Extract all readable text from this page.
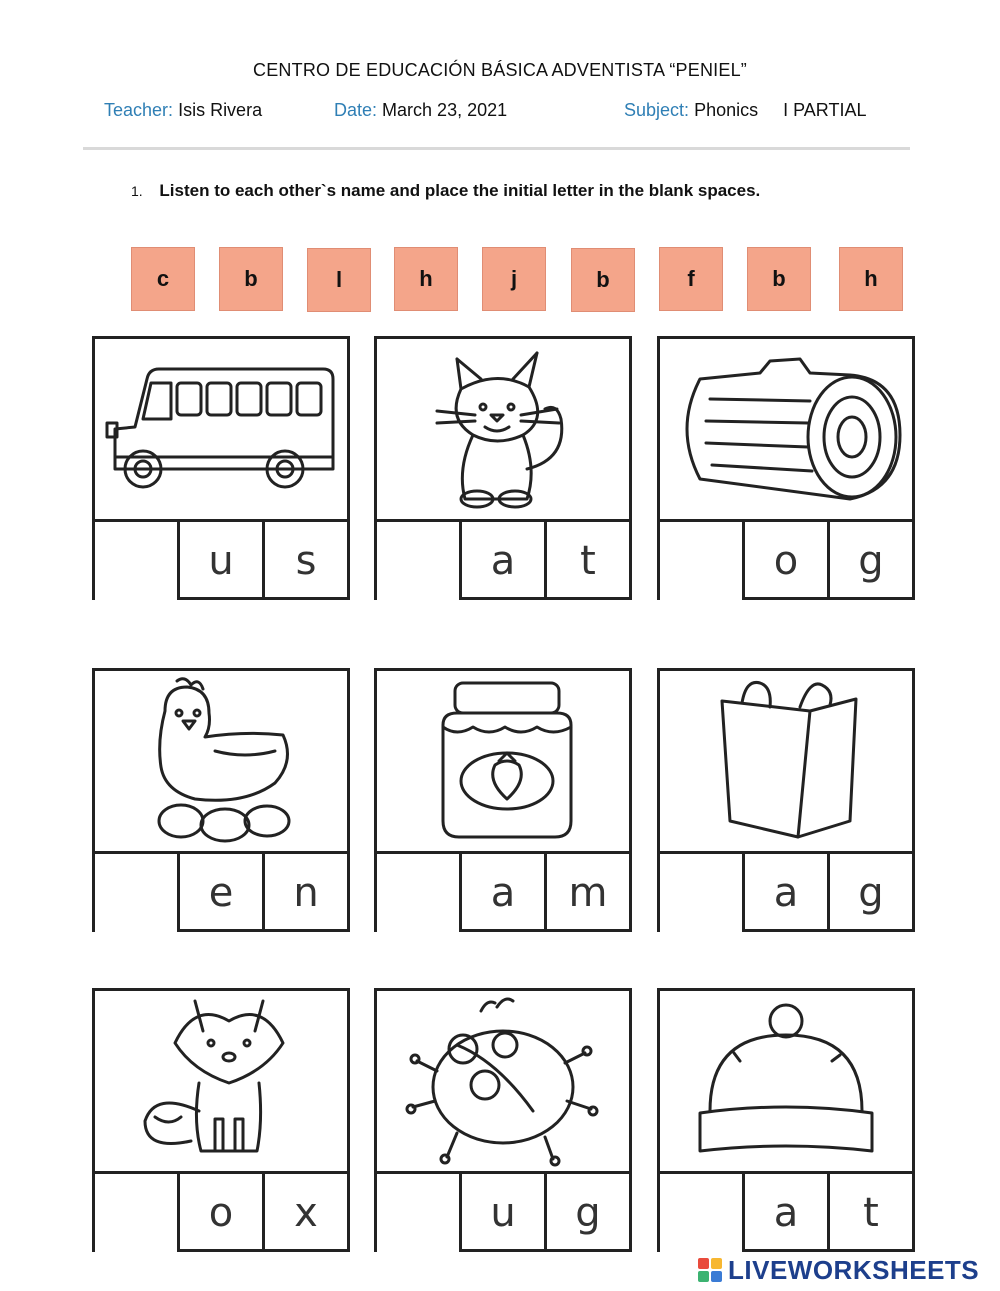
CENTRO DE EDUCACIÓN BÁSICA ADVENTISTA “PENIEL”
Teacher: Isis Rivera	Date: March 23, 2021	Subject: Phonics I PARTIAL
1. Listen to each other`s name and place the initial letter in the blank spaces.
c	b	l	h	j	b	f	b	h
u	s	a	t	o	g
e	n	a	m	a	g
o	x	u	g	a	t
LIVEWORKSHEETS
